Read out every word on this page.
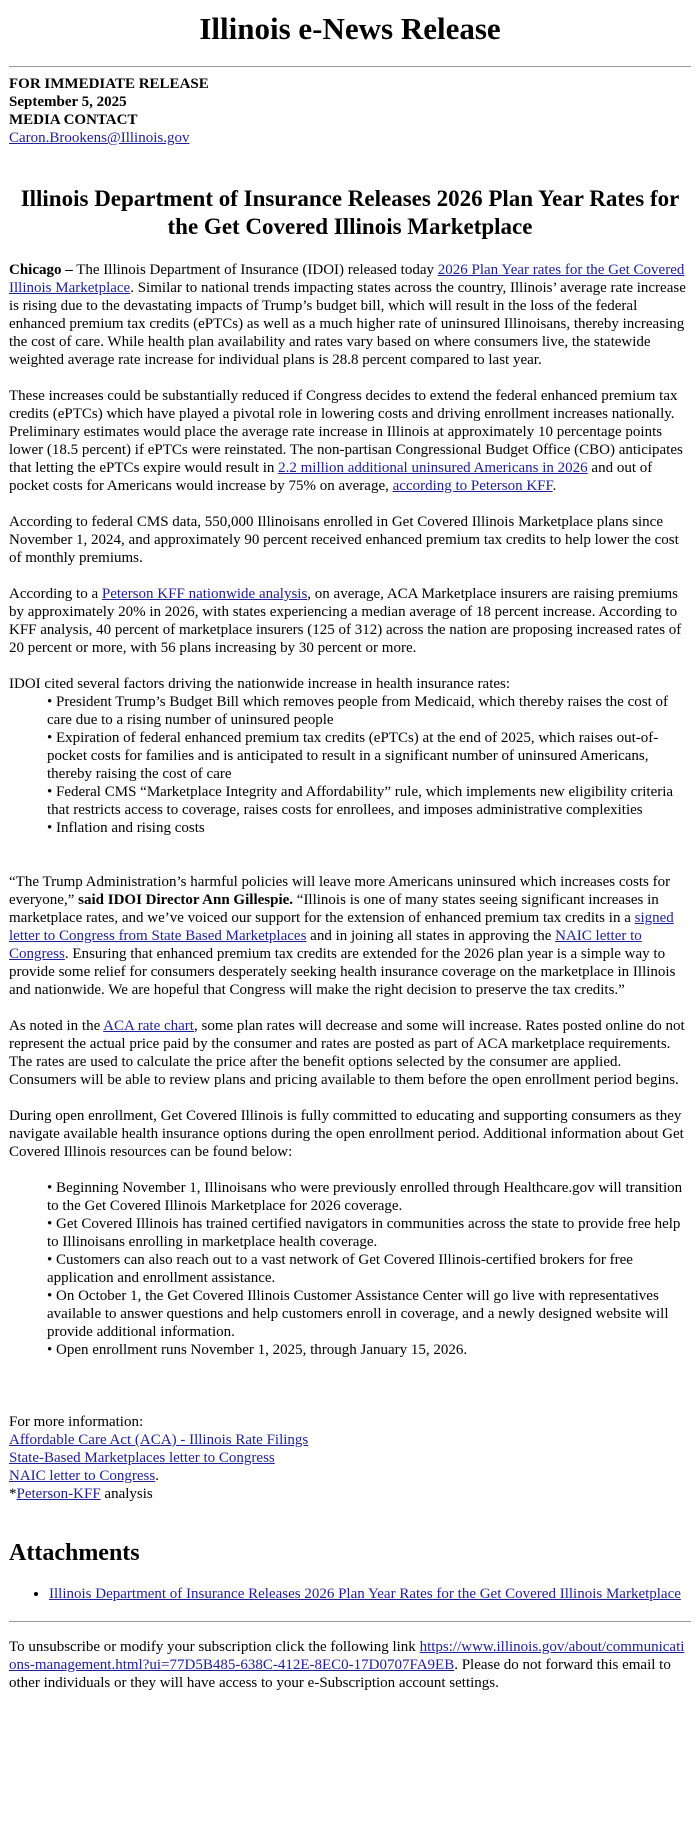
Illinois e-News Release
FOR IMMEDIATE RELEASE
September 5, 2025
MEDIA CONTACT
Caron.Brookens@Illinois.gov
Illinois Department of Insurance Releases 2026 Plan Year Rates for the Get Covered Illinois Marketplace

Chicago – The Illinois Department of Insurance (IDOI) released today 2026 Plan Year rates for the Get Covered Illinois Marketplace. Similar to national trends impacting states across the country, Illinois’ average rate increase is rising due to the devastating impacts of Trump’s budget bill, which will result in the loss of the federal enhanced premium tax credits (ePTCs) as well as a much higher rate of uninsured Illinoisans, thereby increasing the cost of care. While health plan availability and rates vary based on where consumers live, the statewide weighted average rate increase for individual plans is 28.8 percent compared to last year.

These increases could be substantially reduced if Congress decides to extend the federal enhanced premium tax credits (ePTCs) which have played a pivotal role in lowering costs and driving enrollment increases nationally. Preliminary estimates would place the average rate increase in Illinois at approximately 10 percentage points lower (18.5 percent) if ePTCs were reinstated. The non-partisan Congressional Budget Office (CBO) anticipates that letting the ePTCs expire would result in 2.2 million additional uninsured Americans in 2026 and out of pocket costs for Americans would increase by 75% on average, according to Peterson KFF.

According to federal CMS data, 550,000 Illinoisans enrolled in Get Covered Illinois Marketplace plans since November 1, 2024, and approximately 90 percent received enhanced premium tax credits to help lower the cost of monthly premiums.

According to a Peterson KFF nationwide analysis, on average, ACA Marketplace insurers are raising premiums by approximately 20% in 2026, with states experiencing a median average of 18 percent increase. According to KFF analysis, 40 percent of marketplace insurers (125 of 312) across the nation are proposing increased rates of 20 percent or more, with 56 plans increasing by 30 percent or more.

IDOI cited several factors driving the nationwide increase in health insurance rates:
• President Trump’s Budget Bill which removes people from Medicaid, which thereby raises the cost of care due to a rising number of uninsured people
• Expiration of federal enhanced premium tax credits (ePTCs) at the end of 2025, which raises out-of-pocket costs for families and is anticipated to result in a significant number of uninsured Americans, thereby raising the cost of care
• Federal CMS “Marketplace Integrity and Affordability” rule, which implements new eligibility criteria that restricts access to coverage, raises costs for enrollees, and imposes administrative complexities
• Inflation and rising costs

“The Trump Administration’s harmful policies will leave more Americans uninsured which increases costs for everyone,” said IDOI Director Ann Gillespie. “Illinois is one of many states seeing significant increases in marketplace rates, and we’ve voiced our support for the extension of enhanced premium tax credits in a signed letter to Congress from State Based Marketplaces and in joining all states in approving the NAIC letter to Congress. Ensuring that enhanced premium tax credits are extended for the 2026 plan year is a simple way to provide some relief for consumers desperately seeking health insurance coverage on the marketplace in Illinois and nationwide. We are hopeful that Congress will make the right decision to preserve the tax credits.”

As noted in the ACA rate chart, some plan rates will decrease and some will increase. Rates posted online do not represent the actual price paid by the consumer and rates are posted as part of ACA marketplace requirements. The rates are used to calculate the price after the benefit options selected by the consumer are applied. Consumers will be able to review plans and pricing available to them before the open enrollment period begins.

During open enrollment, Get Covered Illinois is fully committed to educating and supporting consumers as they navigate available health insurance options during the open enrollment period. Additional information about Get Covered Illinois resources can be found below:

• Beginning November 1, Illinoisans who were previously enrolled through Healthcare.gov will transition to the Get Covered Illinois Marketplace for 2026 coverage.
• Get Covered Illinois has trained certified navigators in communities across the state to provide free help to Illinoisans enrolling in marketplace health coverage.
• Customers can also reach out to a vast network of Get Covered Illinois-certified brokers for free application and enrollment assistance.
• On October 1, the Get Covered Illinois Customer Assistance Center will go live with representatives available to answer questions and help customers enroll in coverage, and a newly designed website will provide additional information.
• Open enrollment runs November 1, 2025, through January 15, 2026.
For more information:
Affordable Care Act (ACA) - Illinois Rate Filings
State-Based Marketplaces letter to Congress
NAIC letter to Congress.
*Peterson-KFF analysis
Attachments
• Illinois Department of Insurance Releases 2026 Plan Year Rates for the Get Covered Illinois Marketplace

To unsubscribe or modify your subscription click the following link https://www.illinois.gov/about/communications-management.html?ui=77D5B485-638C-412E-8EC0-17D0707FA9EB. Please do not forward this email to other individuals or they will have access to your e-Subscription account settings.
